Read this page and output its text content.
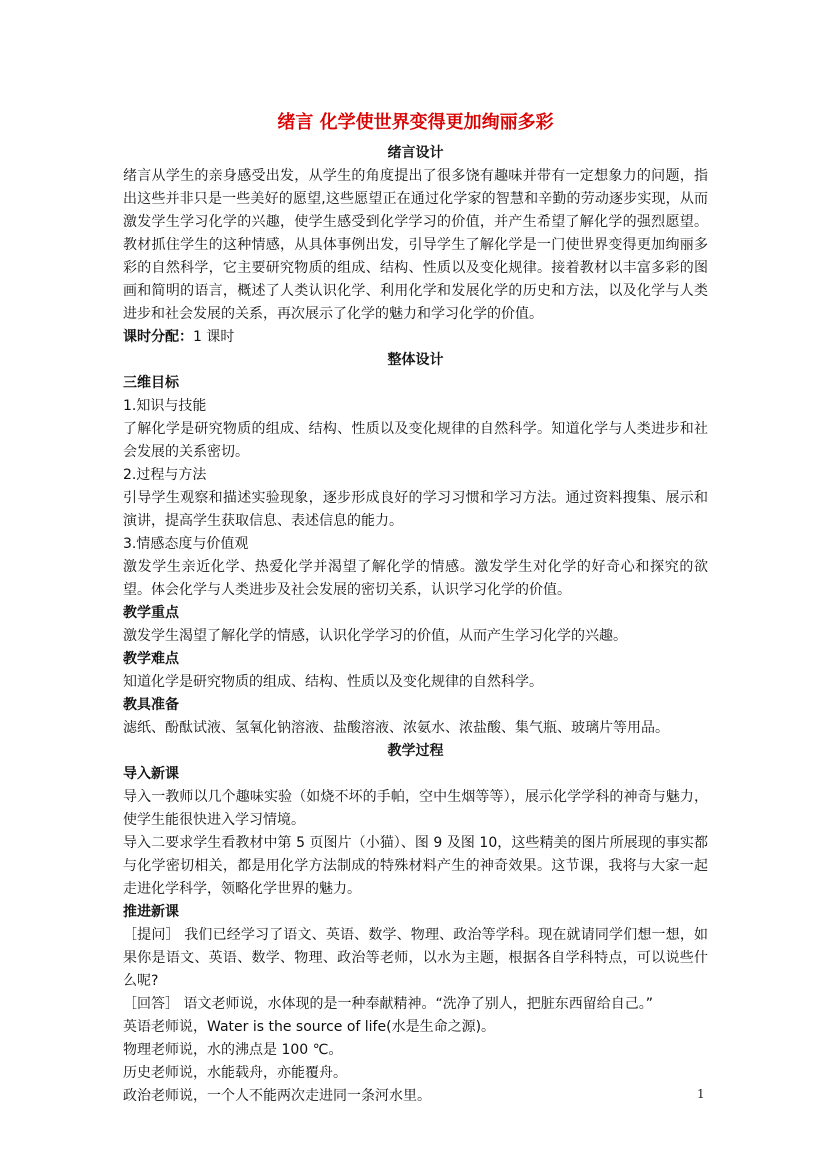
绪言 化学使世界变得更加绚丽多彩

绪言设计

绪言从学生的亲身感受出发，从学生的角度提出了很多饶有趣味并带有一定想象力的问题，指出这些并非只是一些美好的愿望,这些愿望正在通过化学家的智慧和辛勤的劳动逐步实现，从而激发学生学习化学的兴趣，使学生感受到化学学习的价值，并产生希望了解化学的强烈愿望。教材抓住学生的这种情感，从具体事例出发，引导学生了解化学是一门使世界变得更加绚丽多彩的自然科学，它主要研究物质的组成、结构、性质以及变化规律。接着教材以丰富多彩的图画和简明的语言，概述了人类认识化学、利用化学和发展化学的历史和方法，以及化学与人类进步和社会发展的关系，再次展示了化学的魅力和学习化学的价值。

课时分配：1 课时

整体设计

三维目标

1.知识与技能

了解化学是研究物质的组成、结构、性质以及变化规律的自然科学。知道化学与人类进步和社会发展的关系密切。

2.过程与方法

引导学生观察和描述实验现象，逐步形成良好的学习习惯和学习方法。通过资料搜集、展示和演讲，提高学生获取信息、表述信息的能力。

3.情感态度与价值观

激发学生亲近化学、热爱化学并渴望了解化学的情感。激发学生对化学的好奇心和探究的欲望。体会化学与人类进步及社会发展的密切关系，认识学习化学的价值。

教学重点

激发学生渴望了解化学的情感，认识化学学习的价值，从而产生学习化学的兴趣。

教学难点

知道化学是研究物质的组成、结构、性质以及变化规律的自然科学。

教具准备

滤纸、酚酞试液、氢氧化钠溶液、盐酸溶液、浓氨水、浓盐酸、集气瓶、玻璃片等用品。

教学过程

导入新课

导入一教师以几个趣味实验（如烧不坏的手帕，空中生烟等等），展示化学学科的神奇与魅力，使学生能很快进入学习情境。

导入二要求学生看教材中第 5 页图片（小猫）、图 9 及图 10，这些精美的图片所展现的事实都与化学密切相关，都是用化学方法制成的特殊材料产生的神奇效果。这节课，我将与大家一起走进化学科学，领略化学世界的魅力。

推进新课

［提问］ 我们已经学习了语文、英语、数学、物理、政治等学科。现在就请同学们想一想，如果你是语文、英语、数学、物理、政治等老师，以水为主题，根据各自学科特点，可以说些什么呢?

［回答］ 语文老师说，水体现的是一种奉献精神。“洗净了别人，把脏东西留给自己。”

英语老师说，Water is the source of life(水是生命之源)。

物理老师说，水的沸点是 100 ℃。

历史老师说，水能载舟，亦能覆舟。

政治老师说，一个人不能两次走进同一条河水里。	1
